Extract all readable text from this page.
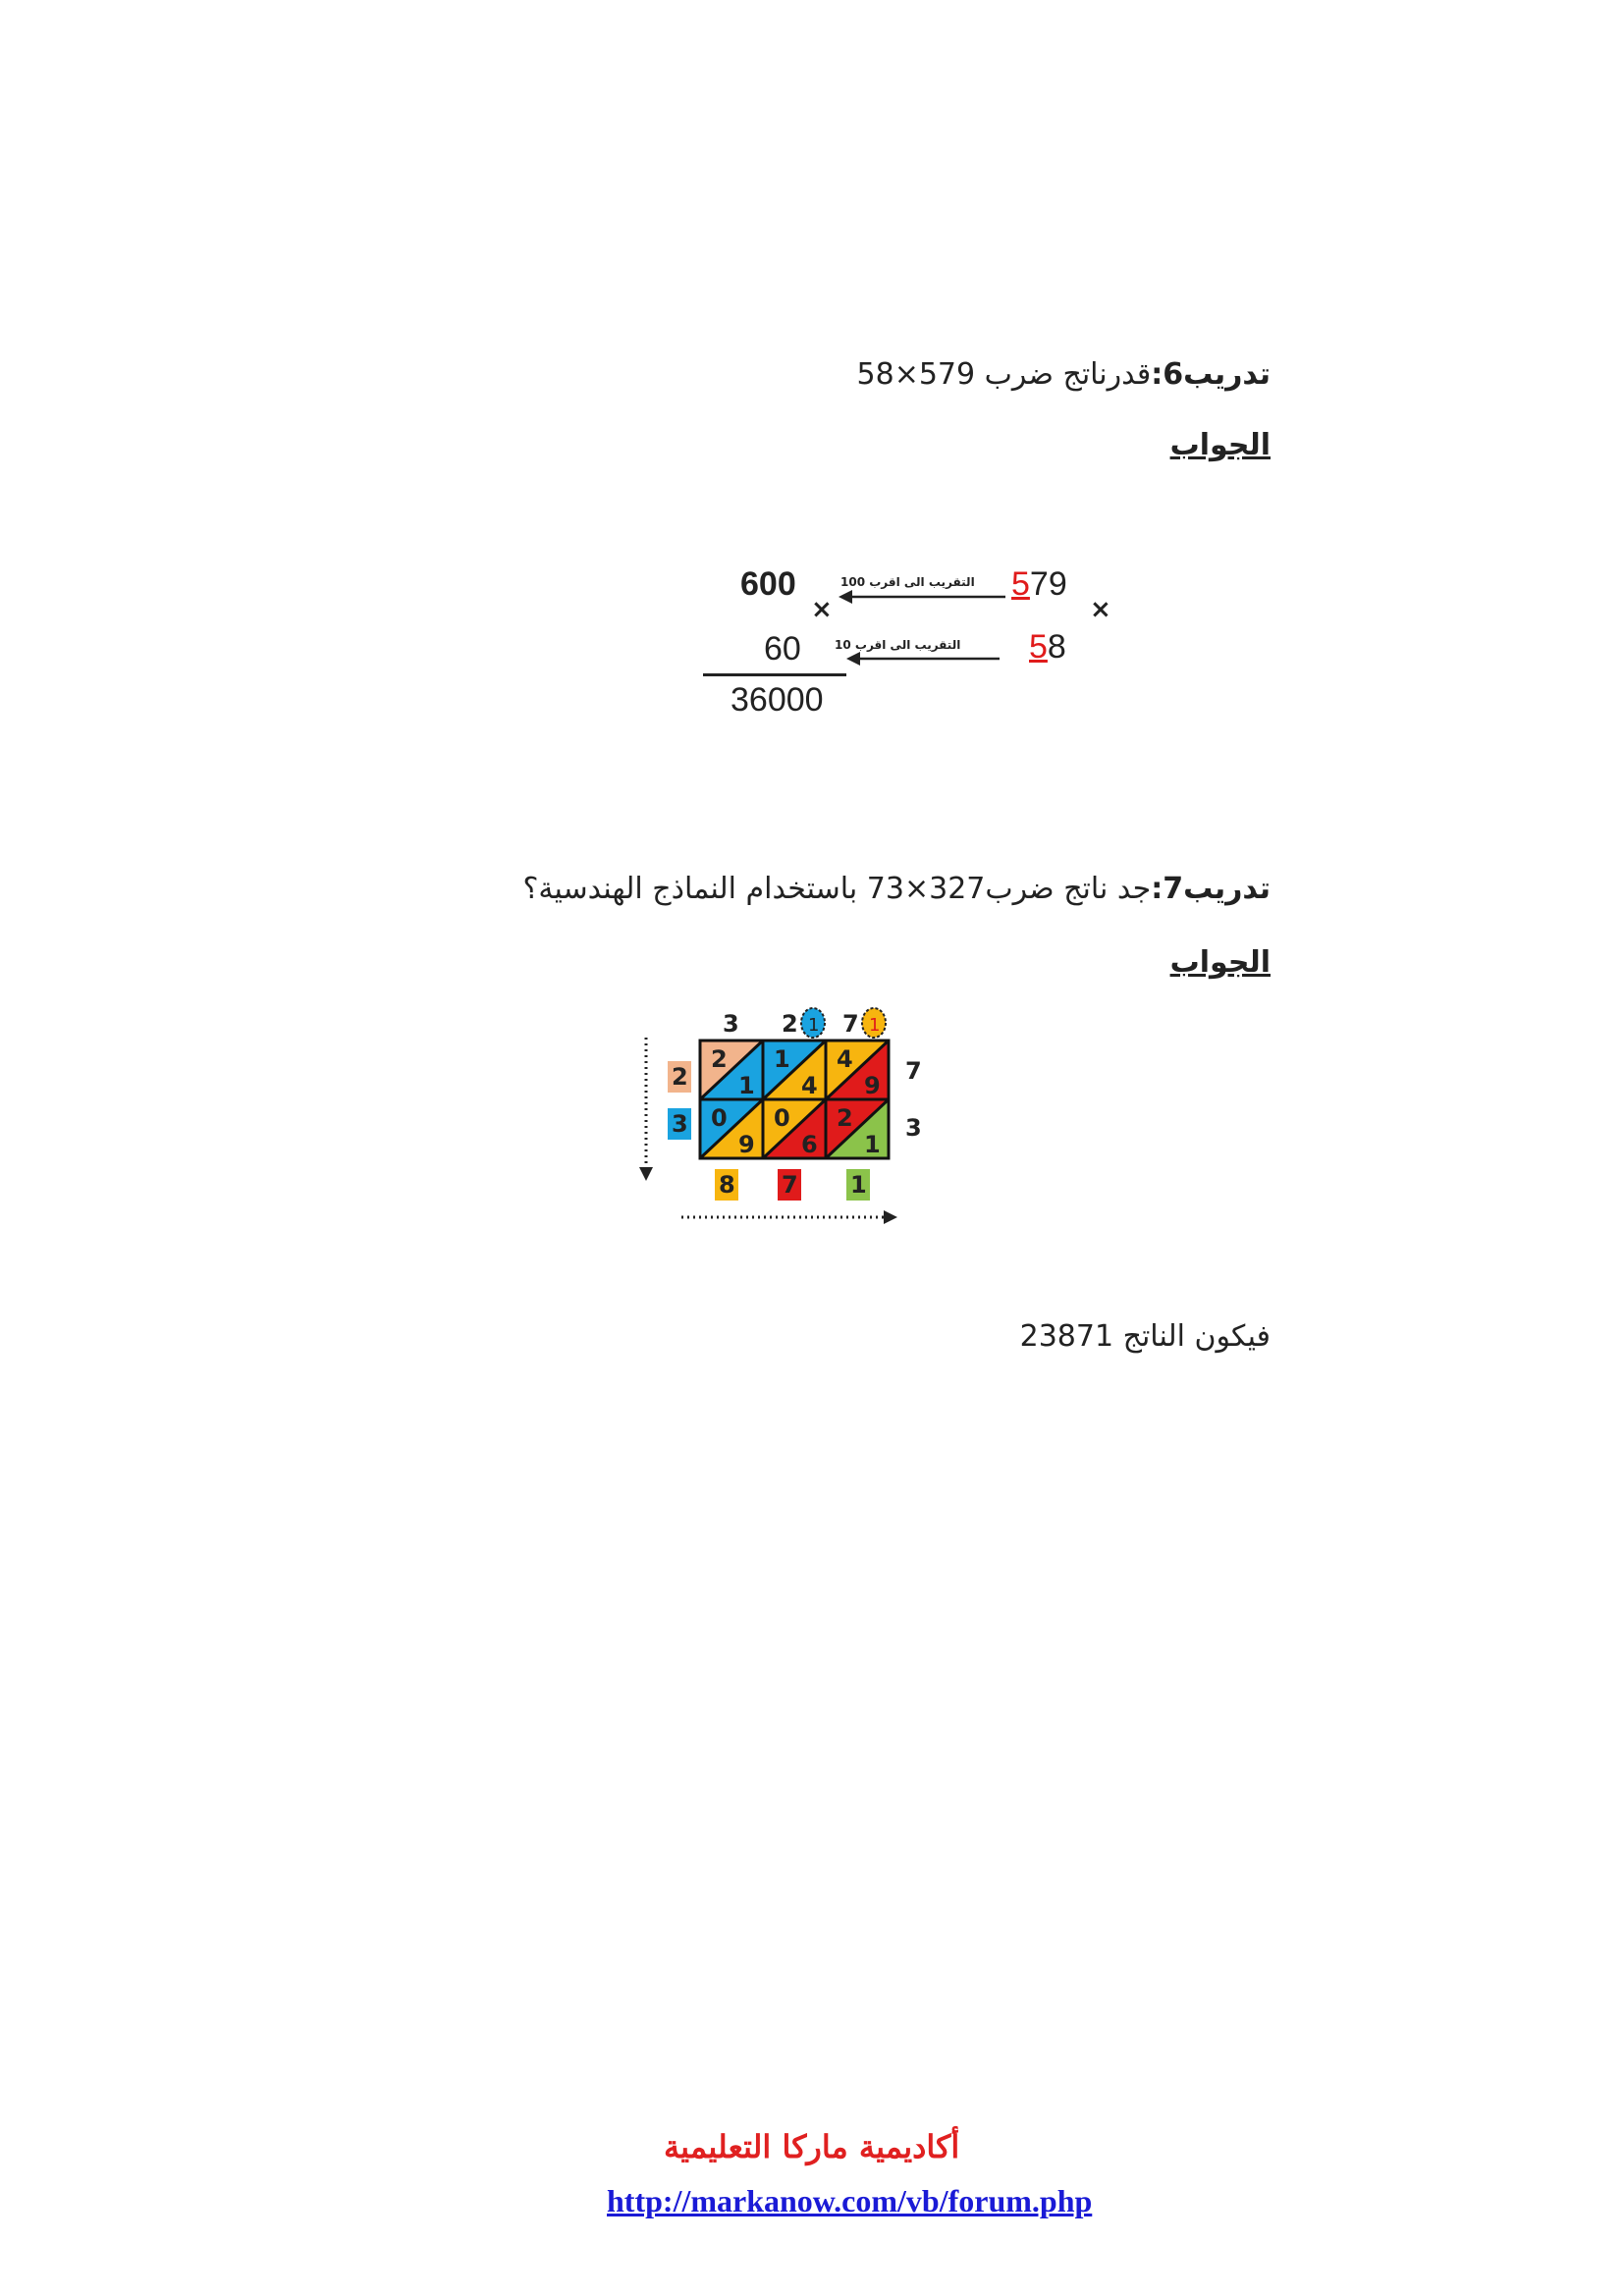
تدريب6:قدرناتج ضرب 579×58
الجواب
600
×
60
36000
التقريب الى اقرب 100
التقريب الى اقرب 10
579
×
58
تدريب7:جد ناتج ضرب327×73 باستخدام النماذج الهندسية؟
الجواب
2
1
1
4
4
9
0
9
0
6
2
1
3 2 7
1	1
7
3
2
3
8 7 1
فيكون الناتج 23871
أكاديمية ماركا التعليمية
http://markanow.com/vb/forum.php
